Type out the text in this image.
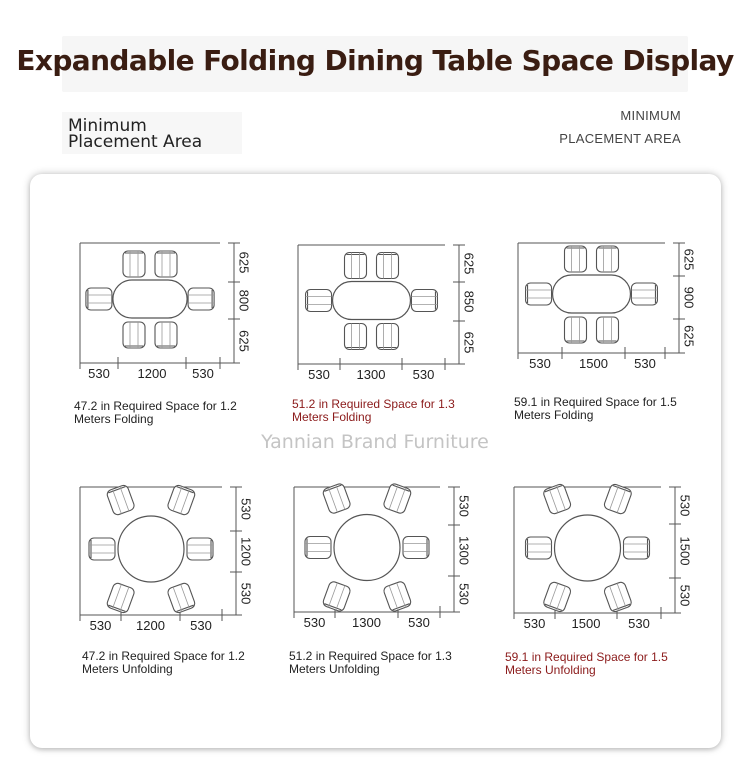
Expandable Folding Dining Table Space Display
Minimum
Placement Area
MINIMUM
PLACEMENT AREA
530 1200 530
625
800
625
47.2 in Required Space for 1.2 Meters Folding
530 1300 530
625
850
625
51.2 in Required Space for 1.3 Meters Folding
530 1500 530
625
900
625
59.1 in Required Space for 1.5 Meters Folding
530 1200 530
530
1200
530
47.2 in Required Space for 1.2 Meters Unfolding
530 1300 530
530
1300
530
51.2 in Required Space for 1.3 Meters Unfolding
530 1500 530
530
1500
530
59.1 in Required Space for 1.5 Meters Unfolding
Yannian Brand Furniture
